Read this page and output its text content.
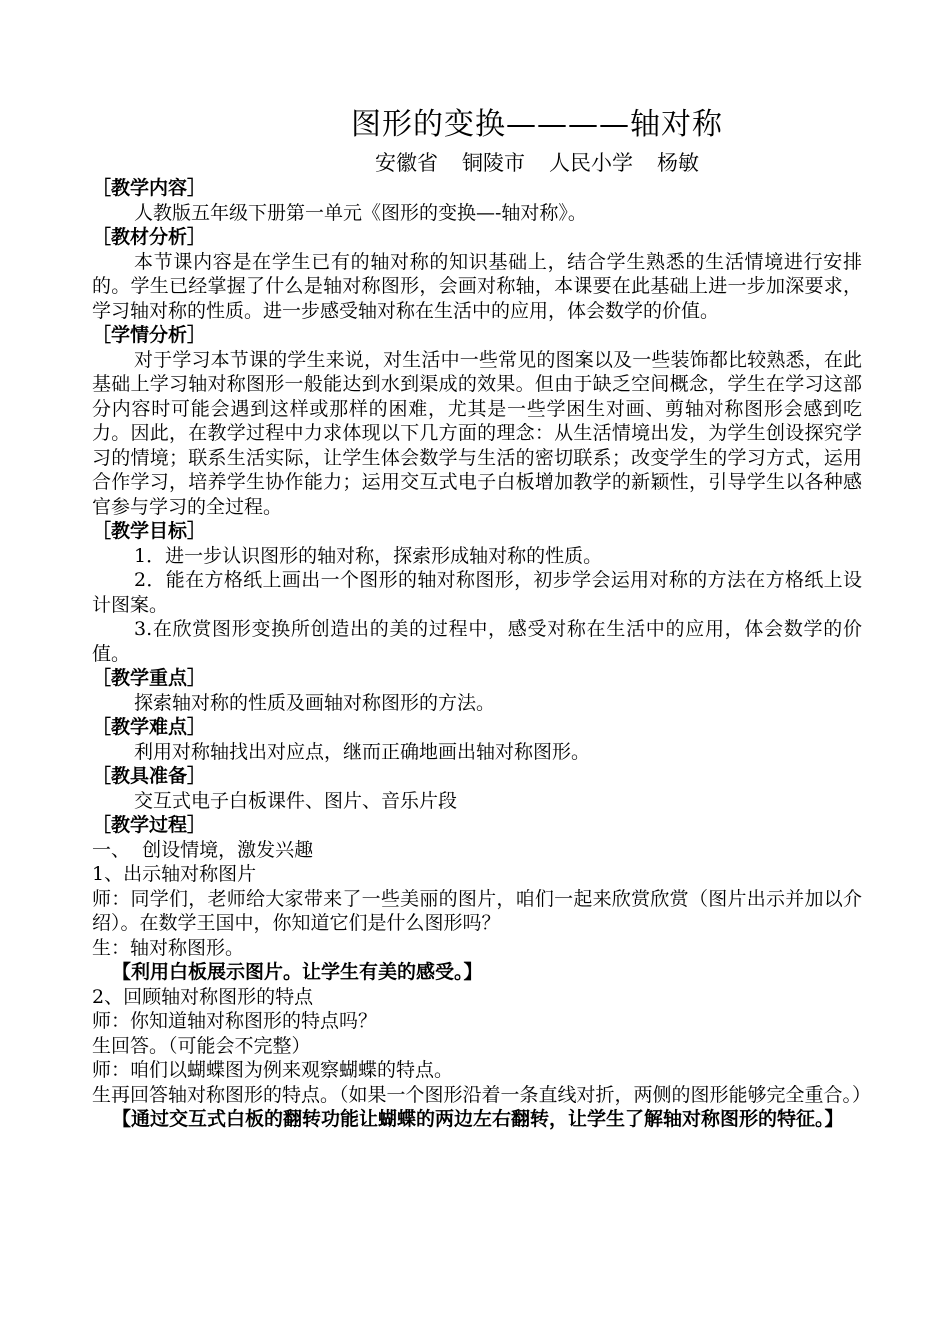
图形的变换————轴对称

安徽省 铜陵市 人民小学 杨敏

［教学内容］

人教版五年级下册第一单元《图形的变换—-轴对称》。

［教材分析］

本节课内容是在学生已有的轴对称的知识基础上，结合学生熟悉的生活情境进行安排的。学生已经掌握了什么是轴对称图形，会画对称轴，本课要在此基础上进一步加深要求，学习轴对称的性质。进一步感受轴对称在生活中的应用，体会数学的价值。

［学情分析］

对于学习本节课的学生来说，对生活中一些常见的图案以及一些装饰都比较熟悉，在此基础上学习轴对称图形一般能达到水到渠成的效果。但由于缺乏空间概念，学生在学习这部分内容时可能会遇到这样或那样的困难，尤其是一些学困生对画、剪轴对称图形会感到吃力。因此，在教学过程中力求体现以下几方面的理念：从生活情境出发，为学生创设探究学习的情境；联系生活实际，让学生体会数学与生活的密切联系；改变学生的学习方式，运用合作学习，培养学生协作能力；运用交互式电子白板增加教学的新颖性，引导学生以各种感官参与学习的全过程。

［教学目标］

1．进一步认识图形的轴对称，探索形成轴对称的性质。

2．能在方格纸上画出一个图形的轴对称图形，初步学会运用对称的方法在方格纸上设计图案。

3.在欣赏图形变换所创造出的美的过程中，感受对称在生活中的应用，体会数学的价值。

［教学重点］

探索轴对称的性质及画轴对称图形的方法。

［教学难点］

利用对称轴找出对应点，继而正确地画出轴对称图形。

［教具准备］

交互式电子白板课件、图片、音乐片段

［教学过程］

一、  创设情境，激发兴趣

1、出示轴对称图片

师：同学们，老师给大家带来了一些美丽的图片，咱们一起来欣赏欣赏（图片出示并加以介绍）。在数学王国中，你知道它们是什么图形吗？

生：轴对称图形。

【利用白板展示图片。让学生有美的感受。】

2、回顾轴对称图形的特点

师：你知道轴对称图形的特点吗？

生回答。（可能会不完整）

师：咱们以蝴蝶图为例来观察蝴蝶的特点。

生再回答轴对称图形的特点。（如果一个图形沿着一条直线对折，两侧的图形能够完全重合。）

【通过交互式白板的翻转功能让蝴蝶的两边左右翻转，让学生了解轴对称图形的特征。】
